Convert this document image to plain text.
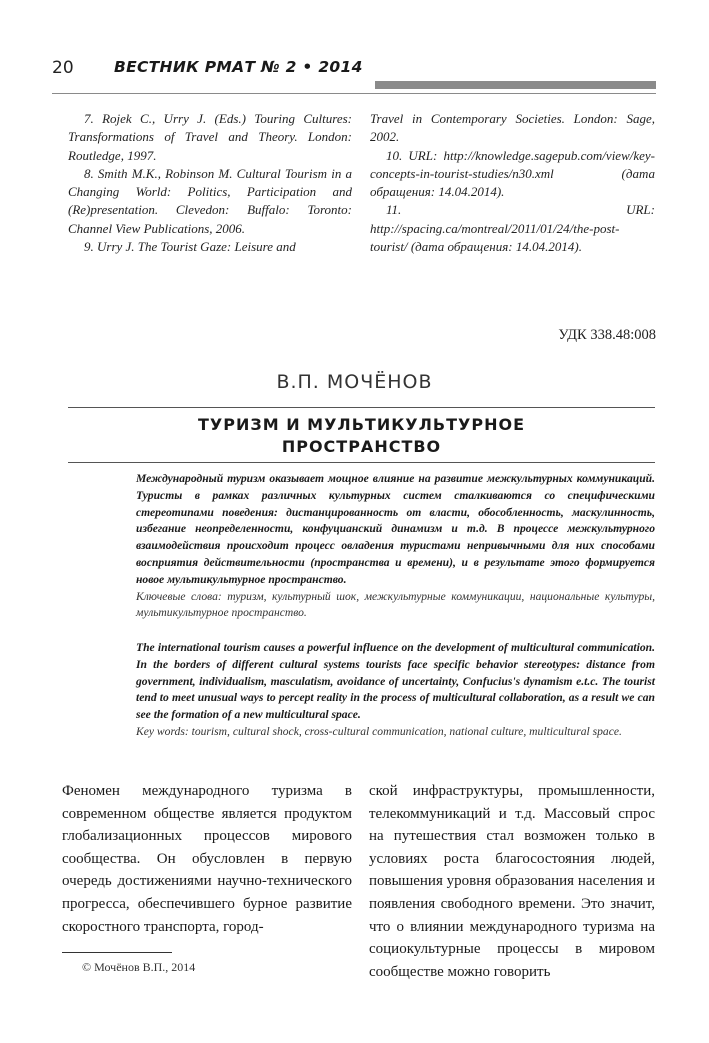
20	ВЕСТНИК РМАТ № 2 • 2014

7. Rojek C., Urry J. (Eds.) Touring Cultures: Transformations of Travel and Theory. London: Routledge, 1997.

8. Smith M.K., Robinson M. Cultural Tourism in a Changing World: Politics, Participation and (Re)presentation. Clevedon: Buffalo: Toronto: Channel View Publications, 2006.

9. Urry J. The Tourist Gaze: Leisure and

Travel in Contemporary Societies. London: Sage, 2002.

10. URL: http://knowledge.sagepub.com/view/key-concepts-in-tourist-studies/n30.xml (дата обращения: 14.04.2014).

11. URL: http://spacing.ca/montreal/2011/01/24/the-post-tourist/ (дата обращения: 14.04.2014).

УДК 338.48:008
В.П. МОЧЁНОВ
ТУРИЗМ И МУЛЬТИКУЛЬТУРНОЕ
ПРОСТРАНСТВО

Международный туризм оказывает мощное влияние на развитие межкультурных коммуникаций. Туристы в рамках различных культурных систем сталкиваются со специфическими стереотипами поведения: дистанцированность от власти, обособленность, маскулинность, избегание неопределенности, конфуцианский динамизм и т.д. В процессе межкультурного взаимодействия происходит процесс овладения туристами непривычными для них способами восприятия действительности (пространства и времени), и в результате этого формируется новое мультикультурное пространство.

Ключевые слова: туризм, культурный шок, межкультурные коммуникации, национальные культуры, мультикультурное пространство.

The international tourism causes a powerful influence on the development of multicultural communication. In the borders of different cultural systems tourists face specific behavior stereotypes: distance from government, individualism, masculatism, avoidance of uncertainty, Confucius's dynamism e.t.c. The tourist tend to meet unusual ways to percept reality in the process of multicultural collaboration, as a result we can see the formation of a new multicultural space.

Key words: tourism, cultural shock, cross-cultural communication, national culture, multicultural space.

Феномен международного туризма в современном обществе является продуктом глобализационных процессов мирового сообщества. Он обусловлен в первую очередь достижениями научно-технического прогресса, обеспечившего бурное развитие скоростного транспорта, город-

ской инфраструктуры, промышленности, телекоммуникаций и т.д. Массовый спрос на путешествия стал возможен только в условиях роста благосостояния людей, повышения уровня образования населения и появления свободного времени. Это значит, что о влиянии международного туризма на социокультурные процессы в мировом сообществе можно говорить

© Мочёнов В.П., 2014
